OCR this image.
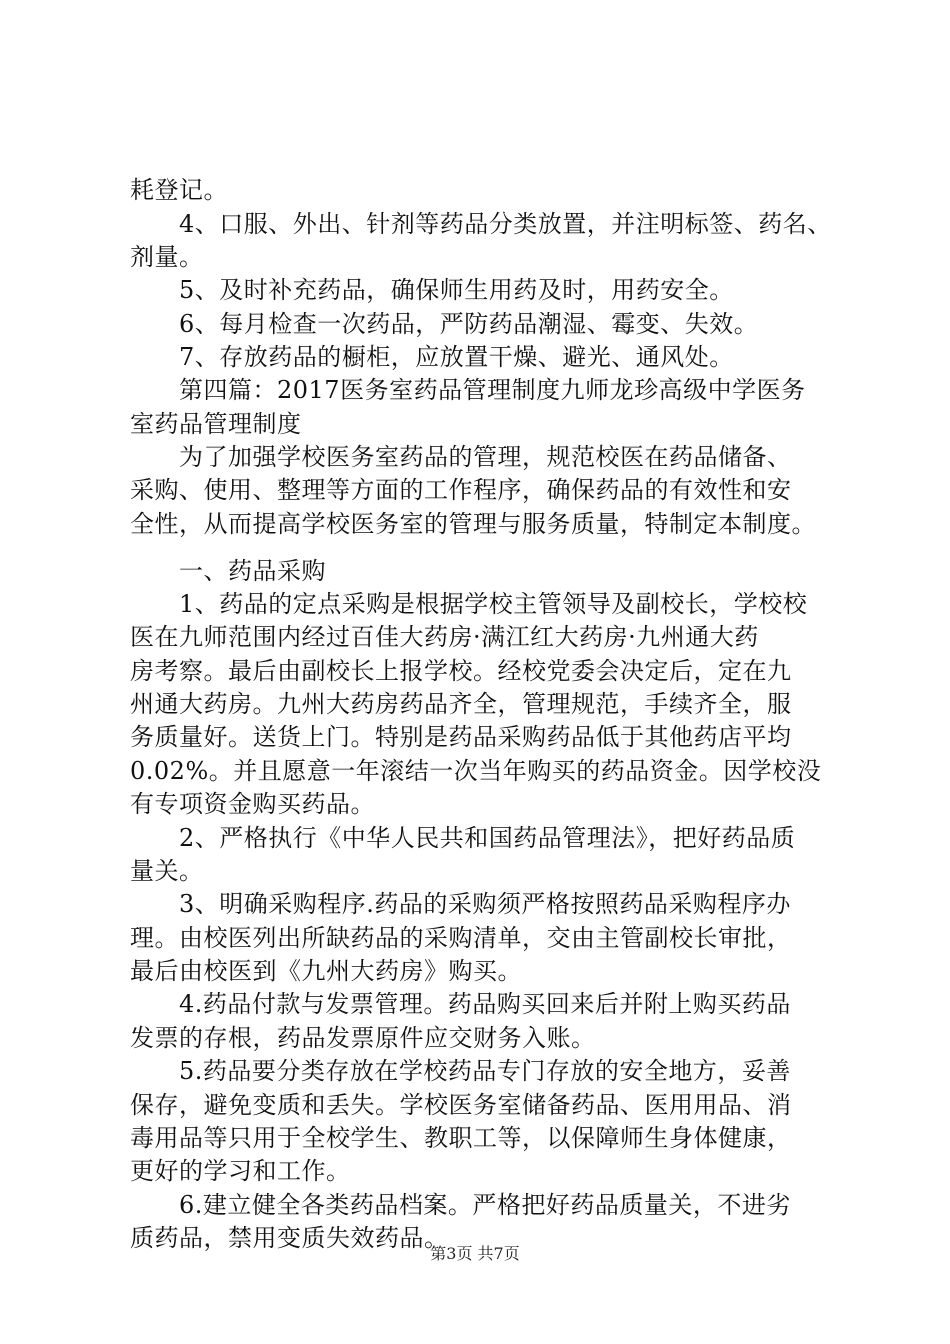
耗登记。
　　4、口服、外出、针剂等药品分类放置，并注明标签、药名、
剂量。
　　5、及时补充药品，确保师生用药及时，用药安全。
　　6、每月检查一次药品，严防药品潮湿、霉变、失效。
　　7、存放药品的橱柜，应放置干燥、避光、通风处。
　　第四篇：2017医务室药品管理制度九师龙珍高级中学医务
室药品管理制度
　　为了加强学校医务室药品的管理，规范校医在药品储备、
采购、使用、整理等方面的工作程序，确保药品的有效性和安
全性，从而提高学校医务室的管理与服务质量，特制定本制度。
　　一、药品采购
　　1、药品的定点采购是根据学校主管领导及副校长，学校校
医在九师范围内经过百佳大药房·满江红大药房·九州通大药
房考察。最后由副校长上报学校。经校党委会决定后，定在九
州通大药房。九州大药房药品齐全，管理规范，手续齐全，服
务质量好。送货上门。特别是药品采购药品低于其他药店平均
0.02%。并且愿意一年滚结一次当年购买的药品资金。因学校没
有专项资金购买药品。
　　2、严格执行《中华人民共和国药品管理法》，把好药品质
量关。
　　3、明确采购程序.药品的采购须严格按照药品采购程序办
理。由校医列出所缺药品的采购清单，交由主管副校长审批，
最后由校医到《九州大药房》购买。
　　4.药品付款与发票管理。药品购买回来后并附上购买药品
发票的存根，药品发票原件应交财务入账。
　　5.药品要分类存放在学校药品专门存放的安全地方，妥善
保存，避免变质和丢失。学校医务室储备药品、医用用品、消
毒用品等只用于全校学生、教职工等，以保障师生身体健康，
更好的学习和工作。
　　6.建立健全各类药品档案。严格把好药品质量关，不进劣
质药品，禁用变质失效药品。
第3页 共7页
